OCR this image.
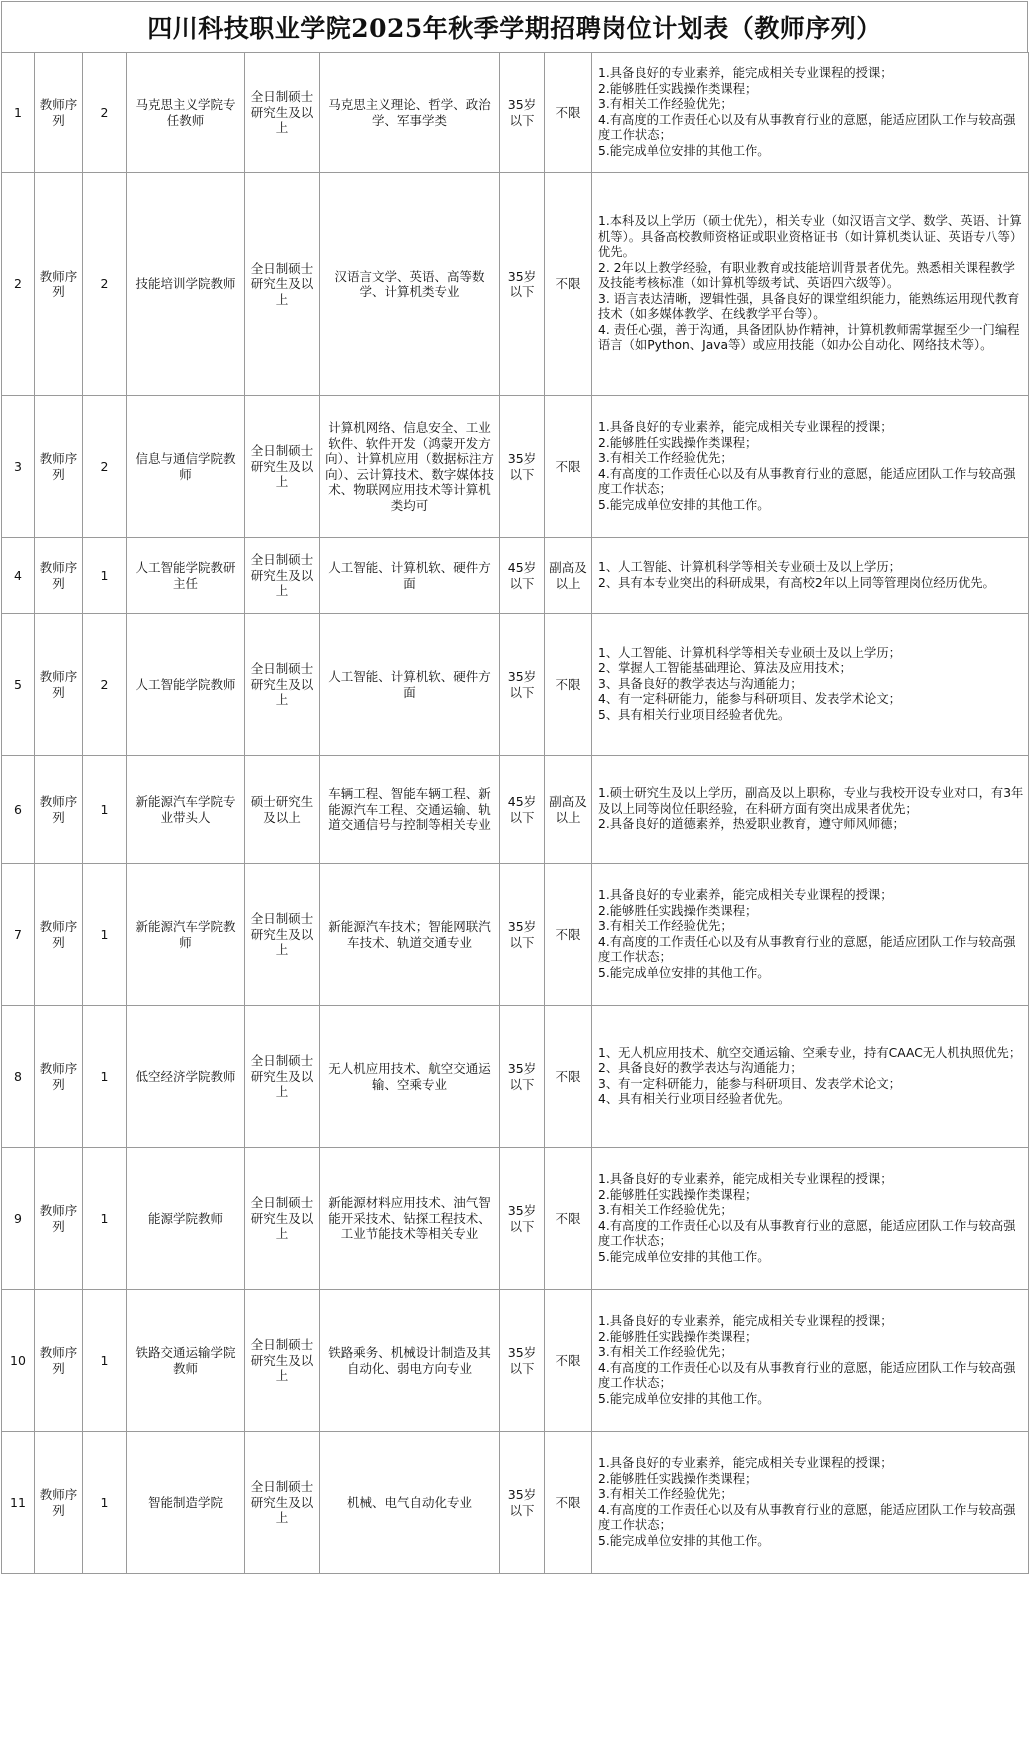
四川科技职业学院2025年秋季学期招聘岗位计划表（教师序列）
1	教师序列	2	马克思主义学院专任教师	全日制硕士研究生及以上	马克思主义理论、哲学、政治学、军事学类	35岁以下	不限	1.具备良好的专业素养，能完成相关专业课程的授课；
2.能够胜任实践操作类课程；
3.有相关工作经验优先；
4.有高度的工作责任心以及有从事教育行业的意愿，能适应团队工作与较高强度工作状态；
5.能完成单位安排的其他工作。
2	教师序列	2	技能培训学院教师	全日制硕士研究生及以上	汉语言文学、英语、高等数学、计算机类专业	35岁以下	不限	1.本科及以上学历（硕士优先），相关专业（如汉语言文学、数学、英语、计算机等）。具备高校教师资格证或职业资格证书（如计算机类认证、英语专八等）优先。
2. 2年以上教学经验，有职业教育或技能培训背景者优先。熟悉相关课程教学及技能考核标准（如计算机等级考试、英语四六级等）。
3. 语言表达清晰，逻辑性强，具备良好的课堂组织能力，能熟练运用现代教育技术（如多媒体教学、在线教学平台等）。
4. 责任心强，善于沟通，具备团队协作精神，计算机教师需掌握至少一门编程语言（如Python、Java等）或应用技能（如办公自动化、网络技术等）。
3	教师序列	2	信息与通信学院教师	全日制硕士研究生及以上	计算机网络、信息安全、工业软件、软件开发（鸿蒙开发方向）、计算机应用（数据标注方向）、云计算技术、数字媒体技术、物联网应用技术等计算机类均可	35岁以下	不限	1.具备良好的专业素养，能完成相关专业课程的授课；
2.能够胜任实践操作类课程；
3.有相关工作经验优先；
4.有高度的工作责任心以及有从事教育行业的意愿，能适应团队工作与较高强度工作状态；
5.能完成单位安排的其他工作。
4	教师序列	1	人工智能学院教研主任	全日制硕士研究生及以上	人工智能、计算机软、硬件方面	45岁以下	副高及以上	1、人工智能、计算机科学等相关专业硕士及以上学历；
2、具有本专业突出的科研成果，有高校2年以上同等管理岗位经历优先。
5	教师序列	2	人工智能学院教师	全日制硕士研究生及以上	人工智能、计算机软、硬件方面	35岁以下	不限	1、人工智能、计算机科学等相关专业硕士及以上学历；
2、掌握人工智能基础理论、算法及应用技术；
3、具备良好的教学表达与沟通能力；
4、有一定科研能力，能参与科研项目、发表学术论文；
5、具有相关行业项目经验者优先。
6	教师序列	1	新能源汽车学院专业带头人	硕士研究生及以上	车辆工程、智能车辆工程、新能源汽车工程、交通运输、轨道交通信号与控制等相关专业	45岁以下	副高及以上	1.硕士研究生及以上学历，副高及以上职称，专业与我校开设专业对口，有3年及以上同等岗位任职经验，在科研方面有突出成果者优先；
2.具备良好的道德素养，热爱职业教育，遵守师风师德；
7	教师序列	1	新能源汽车学院教师	全日制硕士研究生及以上	新能源汽车技术；智能网联汽车技术、轨道交通专业	35岁以下	不限	1.具备良好的专业素养，能完成相关专业课程的授课；
2.能够胜任实践操作类课程；
3.有相关工作经验优先；
4.有高度的工作责任心以及有从事教育行业的意愿，能适应团队工作与较高强度工作状态；
5.能完成单位安排的其他工作。
8	教师序列	1	低空经济学院教师	全日制硕士研究生及以上	无人机应用技术、航空交通运输、空乘专业	35岁以下	不限	1、无人机应用技术、航空交通运输、空乘专业，持有CAAC无人机执照优先；
2、具备良好的教学表达与沟通能力；
3、有一定科研能力，能参与科研项目、发表学术论文；
4、具有相关行业项目经验者优先。
9	教师序列	1	能源学院教师	全日制硕士研究生及以上	新能源材料应用技术、油气智能开采技术、钻探工程技术、工业节能技术等相关专业	35岁以下	不限	1.具备良好的专业素养，能完成相关专业课程的授课；
2.能够胜任实践操作类课程；
3.有相关工作经验优先；
4.有高度的工作责任心以及有从事教育行业的意愿，能适应团队工作与较高强度工作状态；
5.能完成单位安排的其他工作。
10	教师序列	1	铁路交通运输学院教师	全日制硕士研究生及以上	铁路乘务、机械设计制造及其自动化、弱电方向专业	35岁以下	不限	1.具备良好的专业素养，能完成相关专业课程的授课；
2.能够胜任实践操作类课程；
3.有相关工作经验优先；
4.有高度的工作责任心以及有从事教育行业的意愿，能适应团队工作与较高强度工作状态；
5.能完成单位安排的其他工作。
11	教师序列	1	智能制造学院	全日制硕士研究生及以上	机械、电气自动化专业	35岁以下	不限	1.具备良好的专业素养，能完成相关专业课程的授课；
2.能够胜任实践操作类课程；
3.有相关工作经验优先；
4.有高度的工作责任心以及有从事教育行业的意愿，能适应团队工作与较高强度工作状态；
5.能完成单位安排的其他工作。
